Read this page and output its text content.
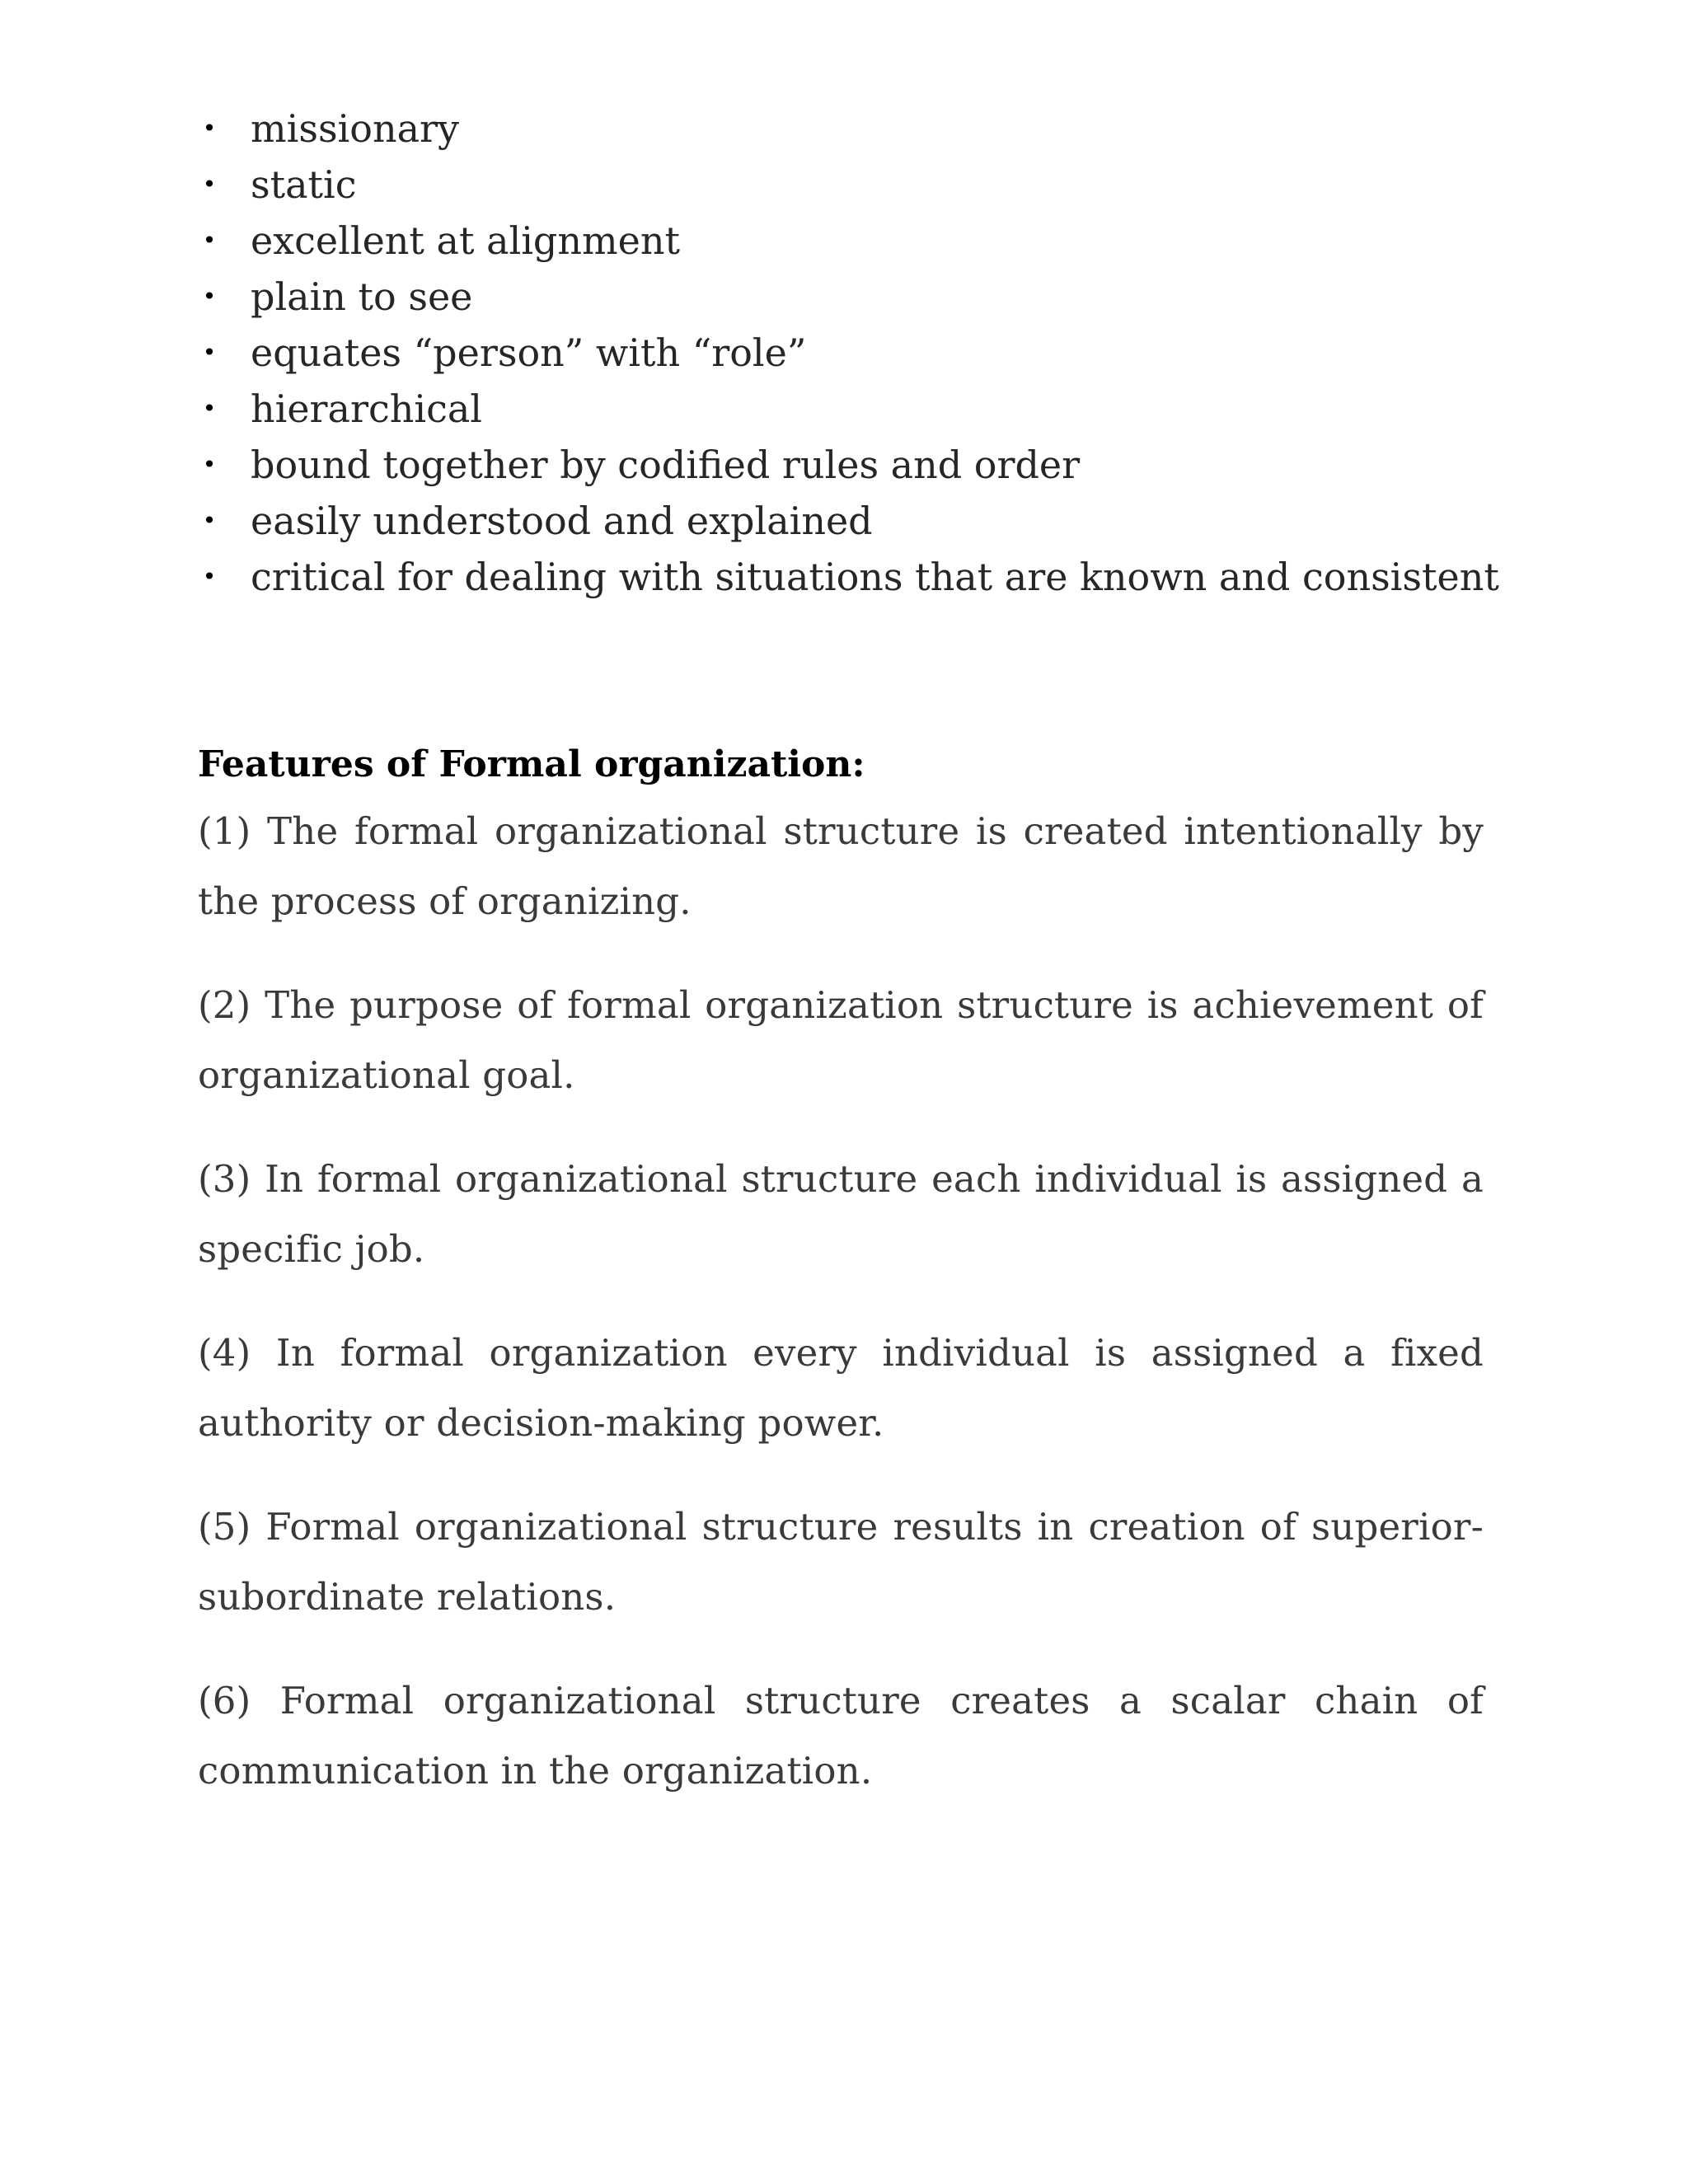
• missionary
• static
• excellent at alignment
• plain to see
• equates “person” with “role”
• hierarchical
• bound together by codified rules and order
• easily understood and explained
• critical for dealing with situations that are known and consistent
Features of Formal organization:

(1) The formal organizational structure is created intentionally by the process of organizing.

(2) The purpose of formal organization structure is achievement of organizational goal.

(3) In formal organizational structure each individual is assigned a specific job.

(4) In formal organization every individual is assigned a fixed authority or decision-making power.

(5) Formal organizational structure results in creation of superior-subordinate relations.

(6) Formal organizational structure creates a scalar chain of communication in the organization.
